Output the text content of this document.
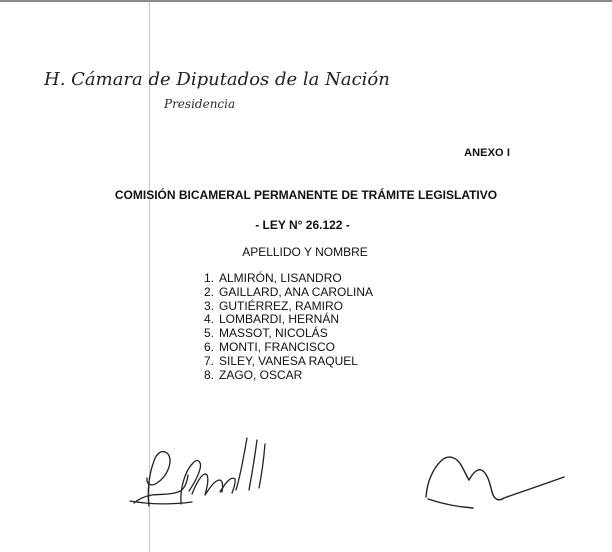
H. Cámara de Diputados de la Nación
Presidencia
ANEXO I
COMISIÓN BICAMERAL PERMANENTE DE TRÁMITE LEGISLATIVO
- LEY N° 26.122 -
APELLIDO Y NOMBRE
1. ALMIRÓN, LISANDRO
2. GAILLARD, ANA CAROLINA
3. GUTIÉRREZ, RAMIRO
4. LOMBARDI, HERNÁN
5. MASSOT, NICOLÁS
6. MONTI, FRANCISCO
7. SILEY, VANESA RAQUEL
8. ZAGO, OSCAR
